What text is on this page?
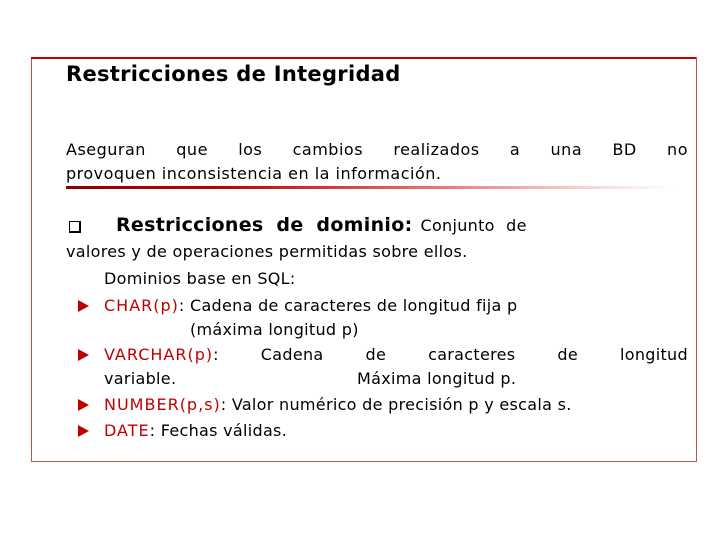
Restricciones de Integridad
Aseguran que los cambios realizados a una BD no
provoquen inconsistencia en la información.
Restricciones de dominio: Conjunto de
valores y de operaciones permitidas sobre ellos.
Dominios base en SQL:
CHAR(p): Cadena de caracteres de longitud fija p
(máxima longitud p)
VARCHAR(p):	Cadena	de	caracteres	de	longitud
variable.	Máxima longitud p.
NUMBER(p,s): Valor numérico de precisión p y escala s.
DATE: Fechas válidas.
